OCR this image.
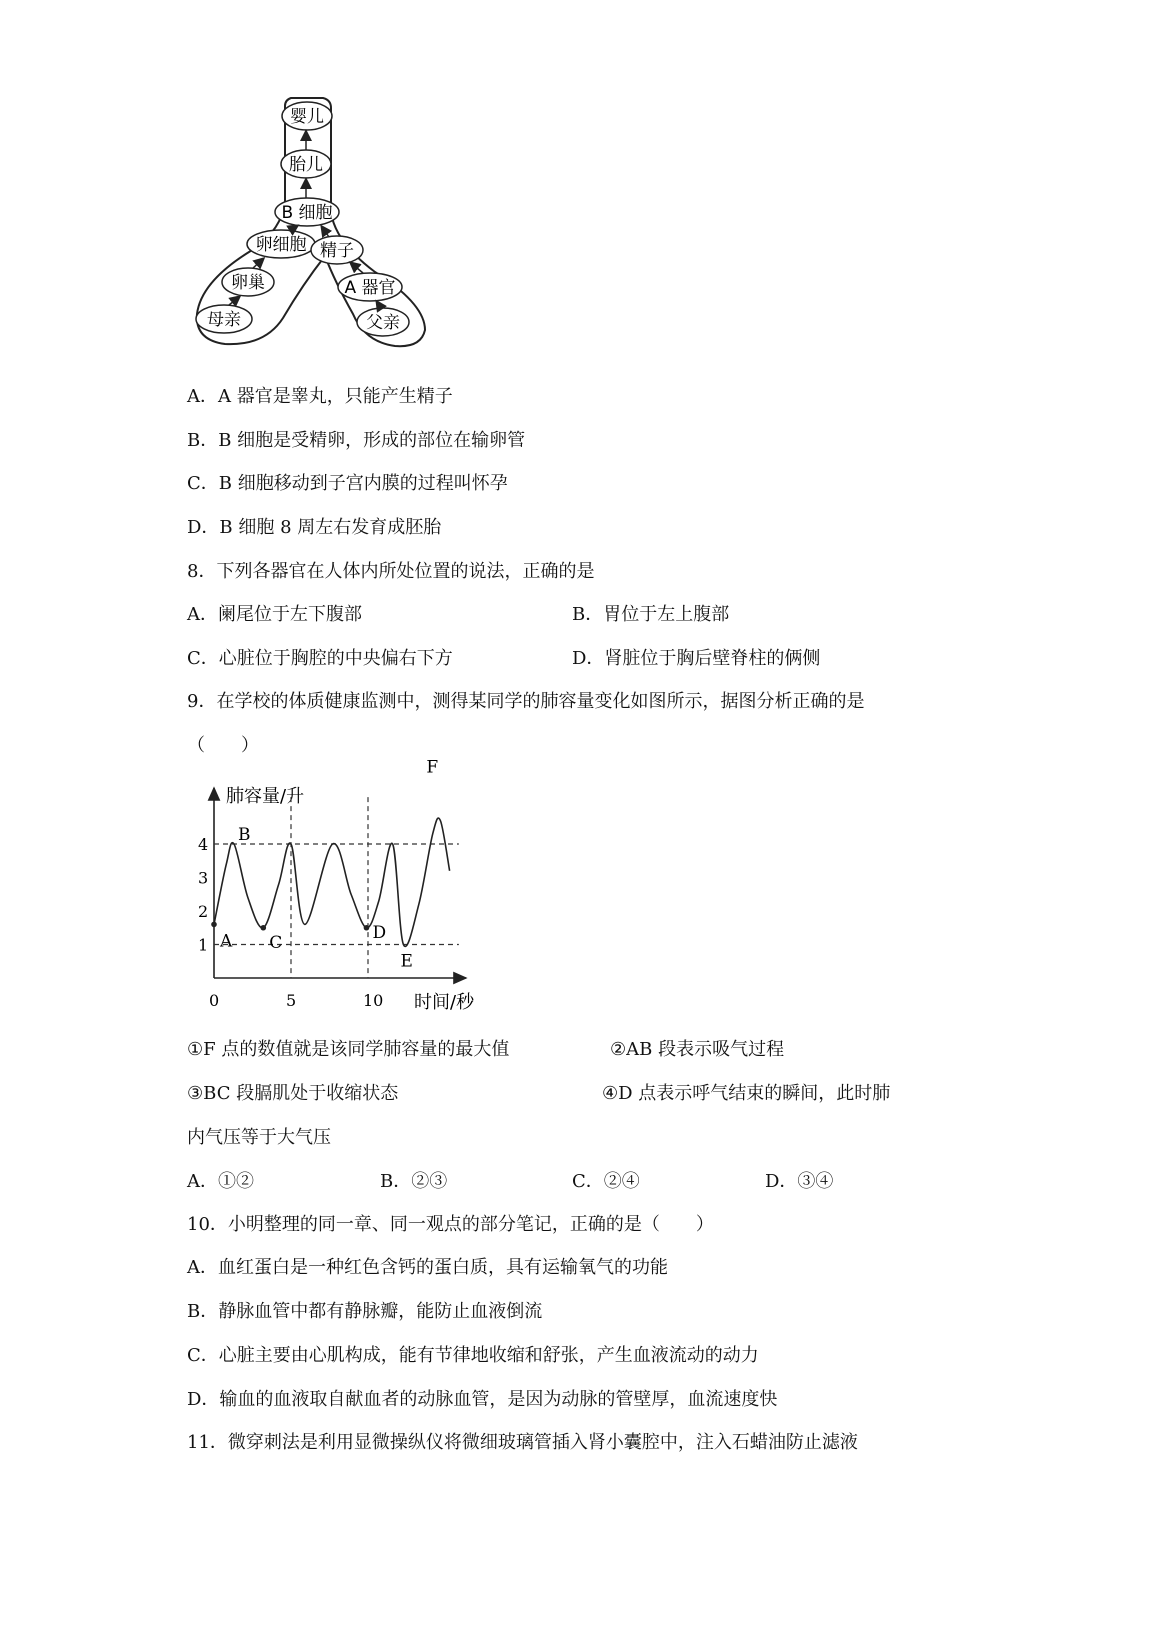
婴儿
胎儿
B 细胞
卵细胞 精子
卵巢	A 器官
母亲	父亲
A．A 器官是睾丸，只能产生精子
B．B 细胞是受精卵，形成的部位在输卵管
C．B 细胞移动到子宫内膜的过程叫怀孕
D．B 细胞 8 周左右发育成胚胎
8．下列各器官在人体内所处位置的说法，正确的是
A．阑尾位于左下腹部	B．胃位于左上腹部
C．心脏位于胸腔的中央偏右下方	D．肾脏位于胸后壁脊柱的俩侧
9．在学校的体质健康监测中，测得某同学的肺容量变化如图所示，据图分析正确的是
（　　）
肺容量/升
时间/秒
1
2
3
4
0	5	10
A
B
C	D
E
F
①F 点的数值就是该同学肺容量的最大值	②AB 段表示吸气过程
③BC 段膈肌处于收缩状态	④D 点表示呼气结束的瞬间，此时肺
内气压等于大气压
A．①②	B．②③	C．②④	D．③④
10．小明整理的同一章、同一观点的部分笔记，正确的是（　　）
A．血红蛋白是一种红色含钙的蛋白质，具有运输氧气的功能
B．静脉血管中都有静脉瓣，能防止血液倒流
C．心脏主要由心肌构成，能有节律地收缩和舒张，产生血液流动的动力
D．输血的血液取自献血者的动脉血管，是因为动脉的管壁厚，血流速度快
11．微穿刺法是利用显微操纵仪将微细玻璃管插入肾小囊腔中，注入石蜡油防止滤液
